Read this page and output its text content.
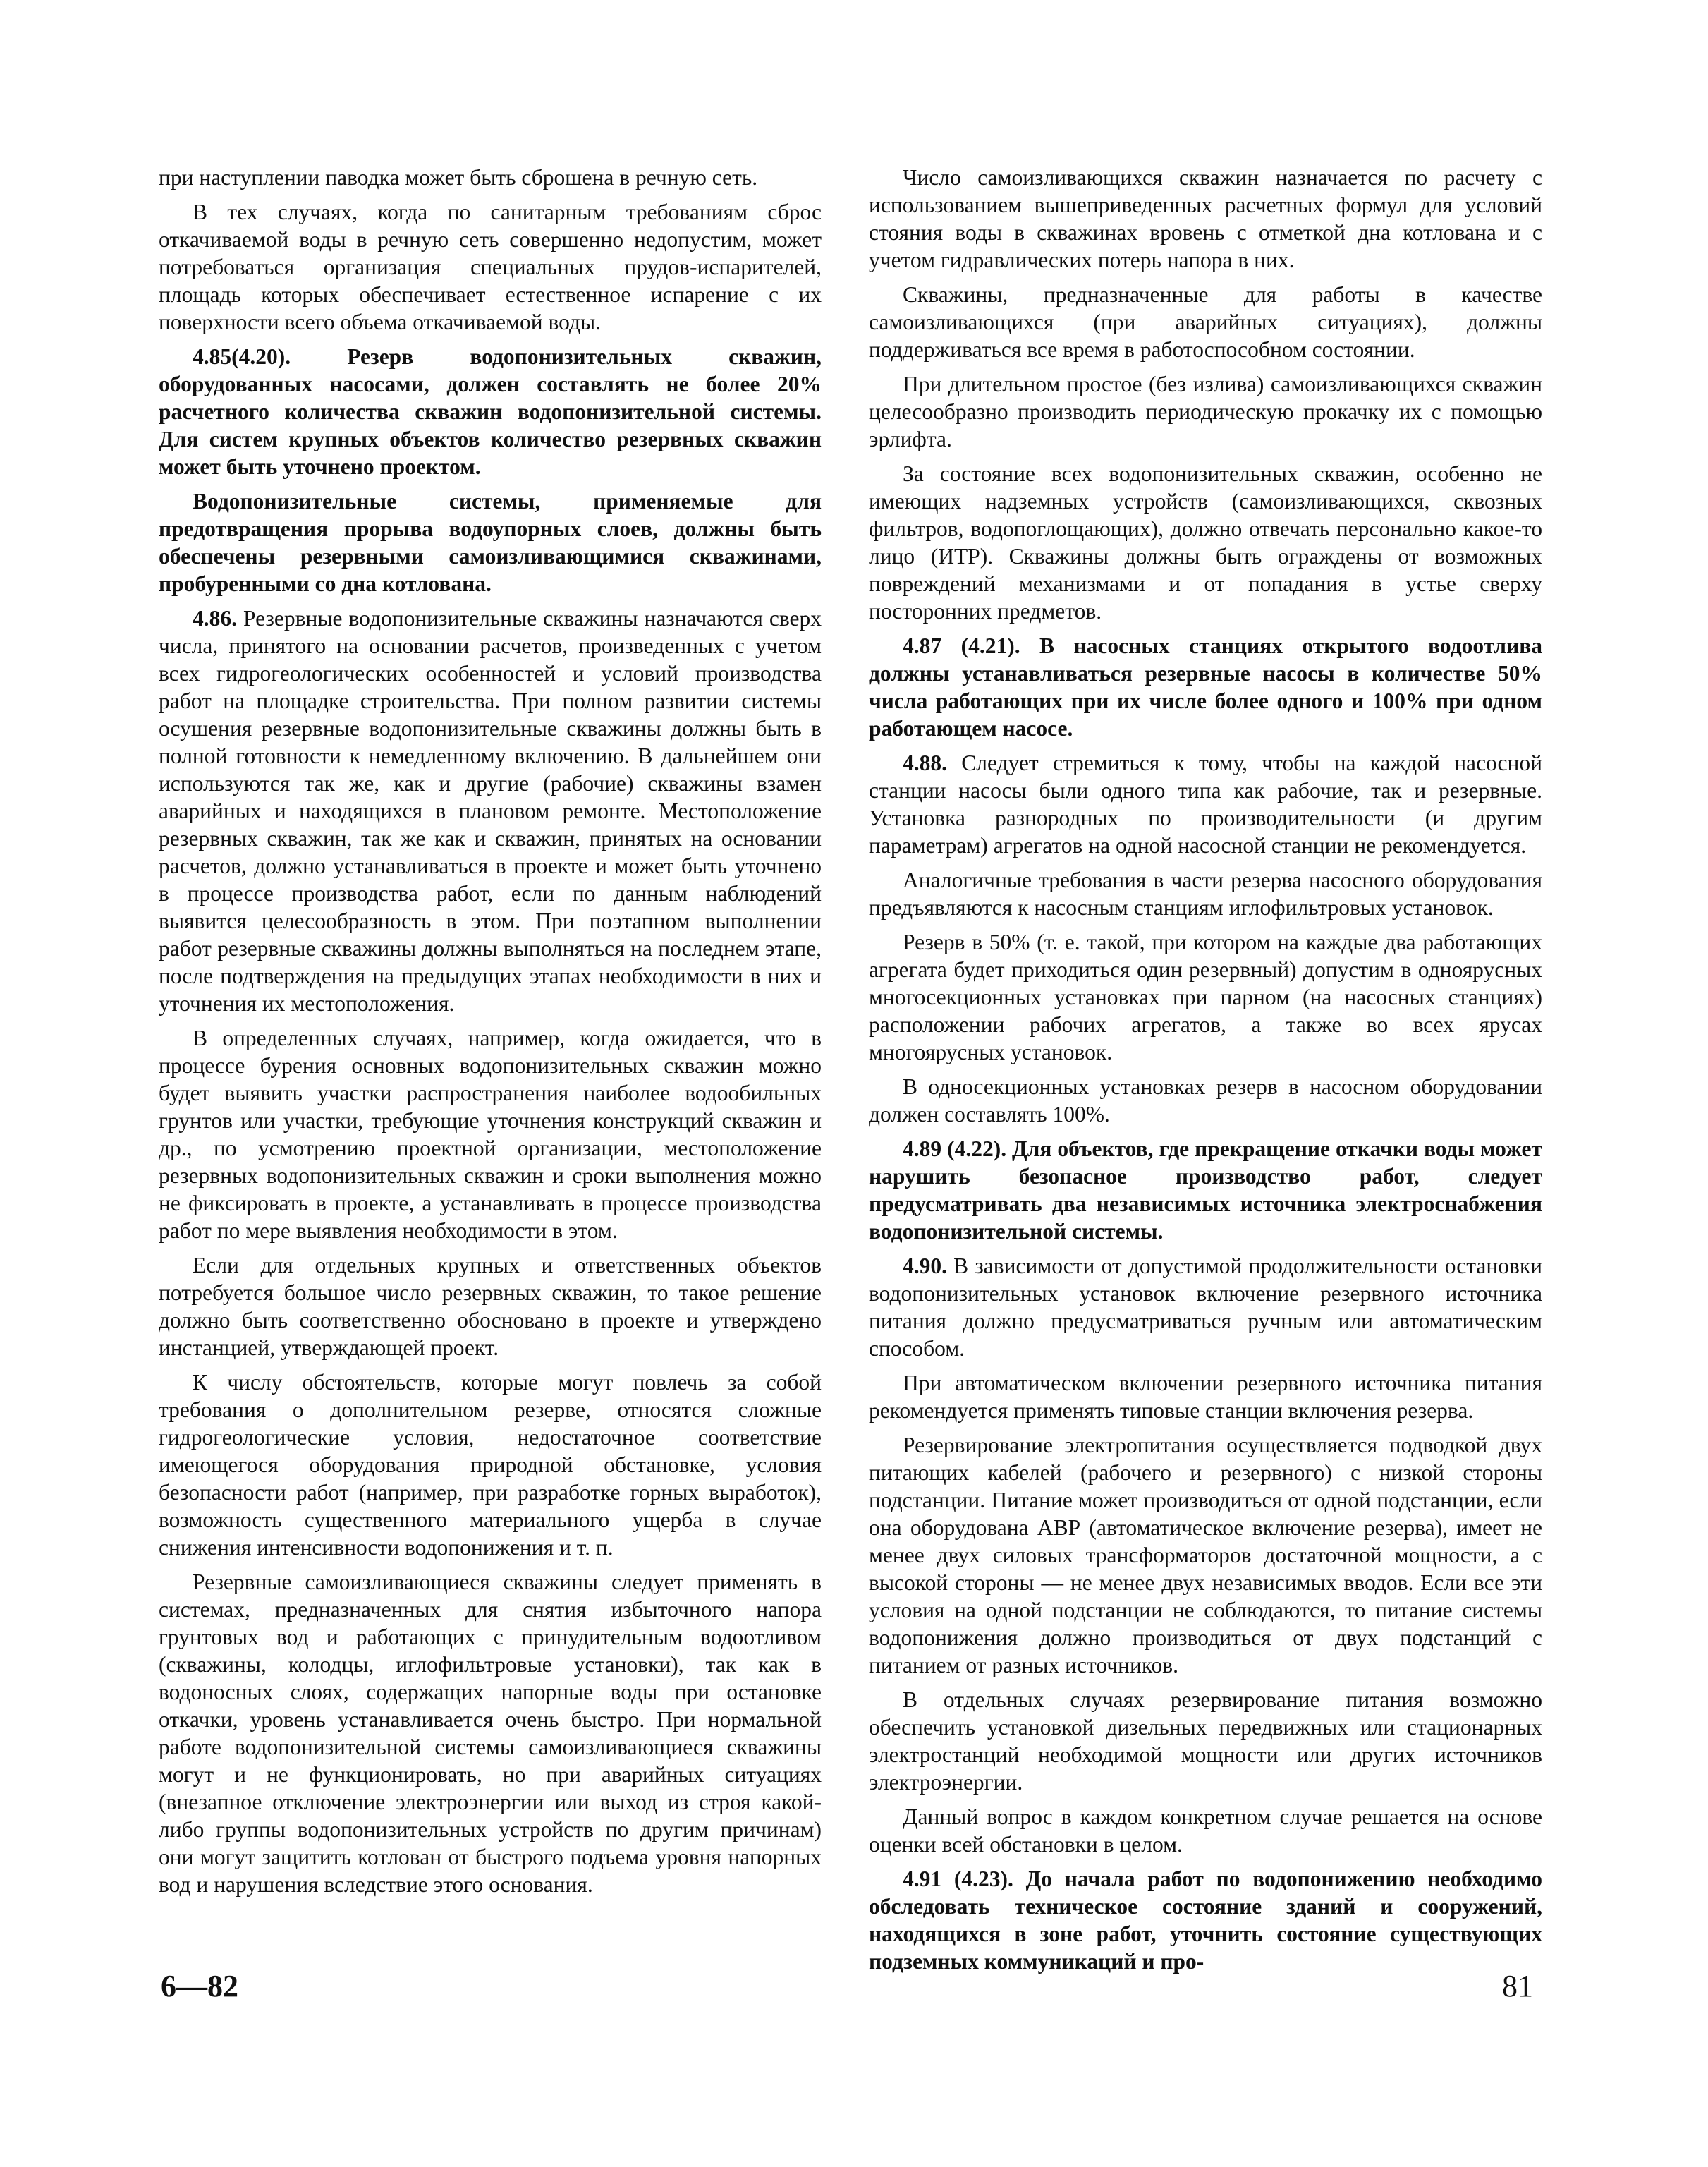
при наступлении паводка может быть сброшена в речную сеть.

В тех случаях, когда по санитарным требованиям сброс откачиваемой воды в речную сеть совершенно недопустим, может потребоваться организация специальных прудов-испарителей, площадь которых обеспечивает естественное испарение с их поверхности всего объема откачиваемой воды.

4.85(4.20). Резерв водопонизительных скважин, оборудованных насосами, должен составлять не более 20% расчетного количества скважин водопонизительной системы. Для систем крупных объектов количество резервных скважин может быть уточнено проектом.

Водопонизительные системы, применяемые для предотвращения прорыва водоупорных слоев, должны быть обеспечены резервными самоизливающимися скважинами, пробуренными со дна котлована.

4.86. Резервные водопонизительные скважины назначаются сверх числа, принятого на основании расчетов, произведенных с учетом всех гидрогеологических особенностей и условий производства работ на площадке строительства. При полном развитии системы осушения резервные водопонизительные скважины должны быть в полной готовности к немедленному включению. В дальнейшем они используются так же, как и другие (рабочие) скважины взамен аварийных и находящихся в плановом ремонте. Местоположение резервных скважин, так же как и скважин, принятых на основании расчетов, должно устанавливаться в проекте и может быть уточнено в процессе производства работ, если по данным наблюдений выявится целесообразность в этом. При поэтапном выполнении работ резервные скважины должны выполняться на последнем этапе, после подтверждения на предыдущих этапах необходимости в них и уточнения их местоположения.

В определенных случаях, например, когда ожидается, что в процессе бурения основных водопонизительных скважин можно будет выявить участки распространения наиболее водообильных грунтов или участки, требующие уточнения конструкций скважин и др., по усмотрению проектной организации, местоположение резервных водопонизительных скважин и сроки выполнения можно не фиксировать в проекте, а устанавливать в процессе производства работ по мере выявления необходимости в этом.

Если для отдельных крупных и ответственных объектов потребуется большое число резервных скважин, то такое решение должно быть соответственно обосновано в проекте и утверждено инстанцией, утверждающей проект.

К числу обстоятельств, которые могут повлечь за собой требования о дополнительном резерве, относятся сложные гидрогеологические условия, недостаточное соответствие имеющегося оборудования природной обстановке, условия безопасности работ (например, при разработке горных выработок), возможность существенного материального ущерба в случае снижения интенсивности водопонижения и т. п.

Резервные самоизливающиеся скважины следует применять в системах, предназначенных для снятия избыточного напора грунтовых вод и работающих с принудительным водоотливом (скважины, колодцы, иглофильтровые установки), так как в водоносных слоях, содержащих напорные воды при остановке откачки, уровень устанавливается очень быстро. При нормальной работе водопонизительной системы самоизливающиеся скважины могут и не функционировать, но при аварийных ситуациях (внезапное отключение электроэнергии или выход из строя какой-либо группы водопонизительных устройств по другим причинам) они могут защитить котлован от быстрого подъема уровня напорных вод и нарушения вследствие этого основания.

Число самоизливающихся скважин назначается по расчету с использованием вышеприведенных расчетных формул для условий стояния воды в скважинах вровень с отметкой дна котлована и с учетом гидравлических потерь напора в них.

Скважины, предназначенные для работы в качестве самоизливающихся (при аварийных ситуациях), должны поддерживаться все время в работоспособном состоянии.

При длительном простое (без излива) самоизливающихся скважин целесообразно производить периодическую прокачку их с помощью эрлифта.

За состояние всех водопонизительных скважин, особенно не имеющих надземных устройств (самоизливающихся, сквозных фильтров, водопоглощающих), должно отвечать персонально какое-то лицо (ИТР). Скважины должны быть ограждены от возможных повреждений механизмами и от попадания в устье сверху посторонних предметов.

4.87 (4.21). В насосных станциях открытого водоотлива должны устанавливаться резервные насосы в количестве 50% числа работающих при их числе более одного и 100% при одном работающем насосе.

4.88. Следует стремиться к тому, чтобы на каждой насосной станции насосы были одного типа как рабочие, так и резервные. Установка разнородных по производительности (и другим параметрам) агрегатов на одной насосной станции не рекомендуется.

Аналогичные требования в части резерва насосного оборудования предъявляются к насосным станциям иглофильтровых установок.

Резерв в 50% (т. е. такой, при котором на каждые два работающих агрегата будет приходиться один резервный) допустим в одноярусных многосекционных установках при парном (на насосных станциях) расположении рабочих агрегатов, а также во всех ярусах многоярусных установок.

В односекционных установках резерв в насосном оборудовании должен составлять 100%.

4.89 (4.22). Для объектов, где прекращение откачки воды может нарушить безопасное производство работ, следует предусматривать два независимых источника электроснабжения водопонизительной системы.

4.90. В зависимости от допустимой продолжительности остановки водопонизительных установок включение резервного источника питания должно предусматриваться ручным или автоматическим способом.

При автоматическом включении резервного источника питания рекомендуется применять типовые станции включения резерва.

Резервирование электропитания осуществляется подводкой двух питающих кабелей (рабочего и резервного) с низкой стороны подстанции. Питание может производиться от одной подстанции, если она оборудована АВР (автоматическое включение резерва), имеет не менее двух силовых трансформаторов достаточной мощности, а с высокой стороны — не менее двух независимых вводов. Если все эти условия на одной подстанции не соблюдаются, то питание системы водопонижения должно производиться от двух подстанций с питанием от разных источников.

В отдельных случаях резервирование питания возможно обеспечить установкой дизельных передвижных или стационарных электростанций необходимой мощности или других источников электроэнергии.

Данный вопрос в каждом конкретном случае решается на основе оценки всей обстановки в целом.

4.91 (4.23). До начала работ по водопонижению необходимо обследовать техническое состояние зданий и сооружений, находящихся в зоне работ, уточнить состояние существующих подземных коммуникаций и про-

6—82	81
